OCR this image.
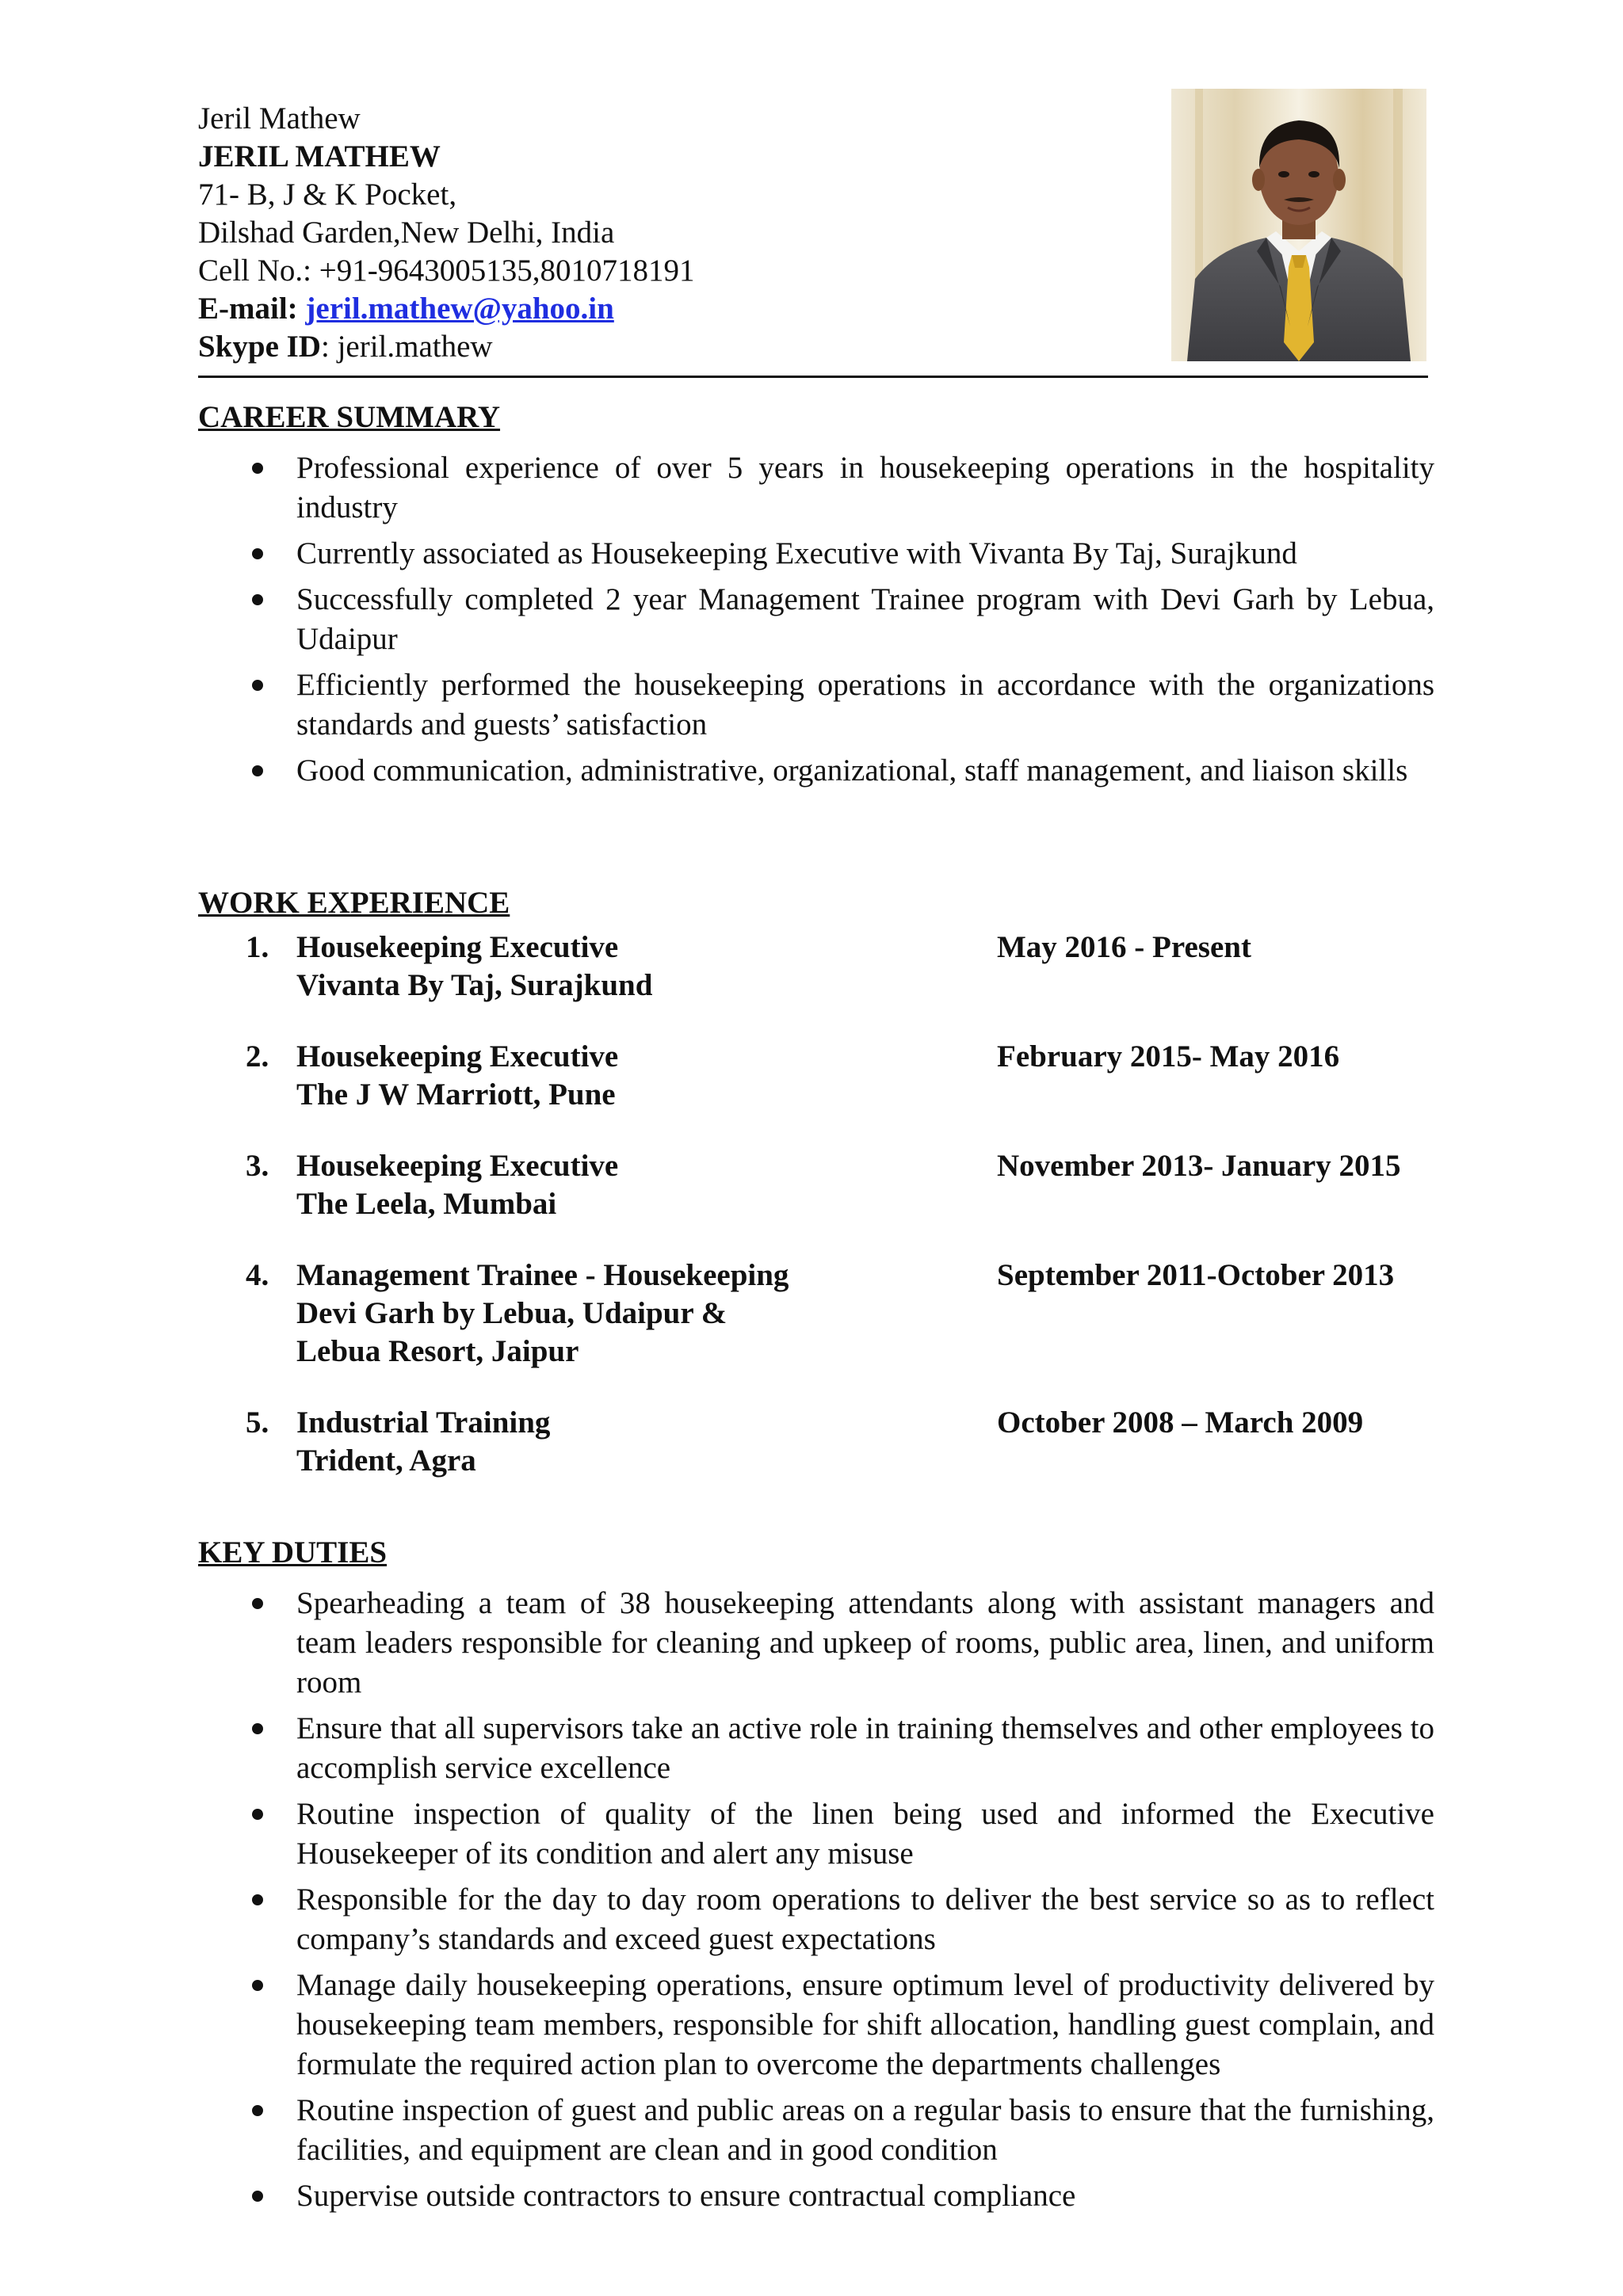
Jeril Mathew
JERIL MATHEW
71- B, J & K Pocket,
Dilshad Garden,New Delhi, India
Cell No.: +91-9643005135,8010718191
E-mail: jeril.mathew@yahoo.in
Skype ID: jeril.mathew
CAREER SUMMARY
Professional experience of over 5 years in housekeeping operations in the hospitality industry
Currently associated as Housekeeping Executive with Vivanta By Taj, Surajkund
Successfully completed 2 year Management Trainee program with Devi Garh by Lebua, Udaipur
Efficiently performed the housekeeping operations in accordance with the organizations standards and guests’ satisfaction
Good communication, administrative, organizational, staff management, and liaison skills
WORK EXPERIENCE
1. Housekeeping Executive	May 2016 - Present
Vivanta By Taj, Surajkund
2. Housekeeping Executive	February 2015- May 2016
The J W Marriott, Pune
3. Housekeeping Executive	November 2013- January 2015
The Leela, Mumbai
4. Management Trainee - Housekeeping	September 2011-October 2013
Devi Garh by Lebua, Udaipur &
Lebua Resort, Jaipur
5. Industrial Training	October 2008 – March 2009
Trident, Agra
KEY DUTIES
Spearheading a team of 38 housekeeping attendants along with assistant managers and team leaders responsible for cleaning and upkeep of rooms, public area, linen, and uniform room
Ensure that all supervisors take an active role in training themselves and other employees to accomplish service excellence
Routine inspection of quality of the linen being used and informed the Executive Housekeeper of its condition and alert any misuse
Responsible for the day to day room operations to deliver the best service so as to reflect company’s standards and exceed guest expectations
Manage daily housekeeping operations, ensure optimum level of productivity delivered by housekeeping team members, responsible for shift allocation, handling guest complain, and formulate the required action plan to overcome the departments challenges
Routine inspection of guest and public areas on a regular basis to ensure that the furnishing, facilities, and equipment are clean and in good condition
Supervise outside contractors to ensure contractual compliance
